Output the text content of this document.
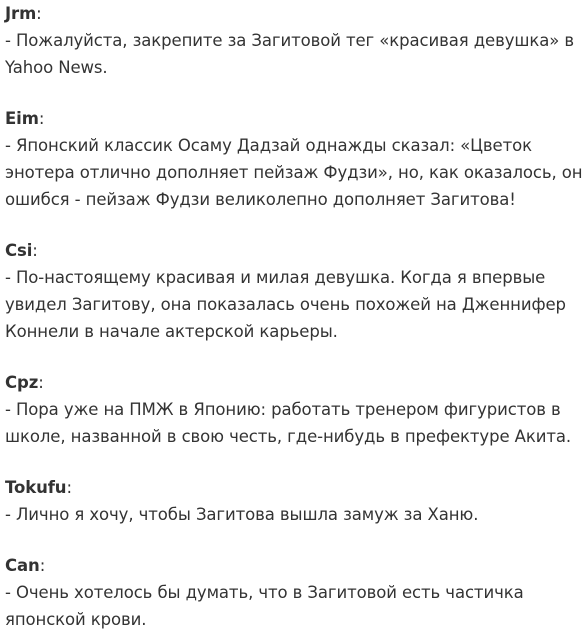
Jrm:

- Пожалуйста, закрепите за Загитовой тег «красивая девушка» в Yahoo News.

Eim:

- Японский классик Осаму Дадзай однажды сказал: «Цветок энотера отлично дополняет пейзаж Фудзи», но, как оказалось, он ошибся - пейзаж Фудзи великолепно дополняет Загитова!

Csi:

- По-настоящему красивая и милая девушка. Когда я впервые увидел Загитову, она показалась очень похожей на Дженнифер Коннели в начале актерской карьеры.

Cpz:

- Пора уже на ПМЖ в Японию: работать тренером фигуристов в школе, названной в свою честь, где-нибудь в префектуре Акита.

Tokufu:

- Лично я хочу, чтобы Загитова вышла замуж за Ханю.

Can:

- Очень хотелось бы думать, что в Загитовой есть частичка японской крови.
